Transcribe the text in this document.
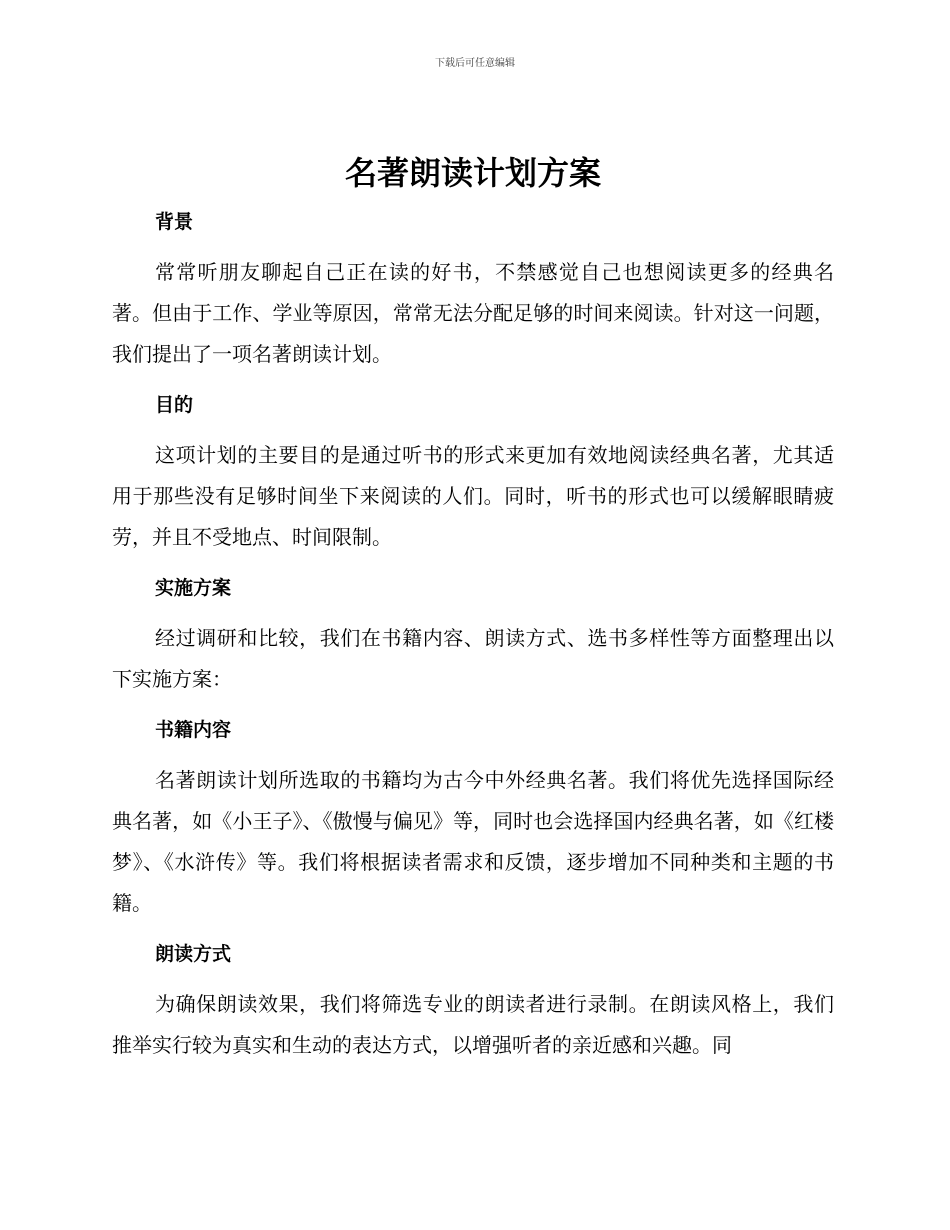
下载后可任意编辑
名著朗读计划方案
背景

常常听朋友聊起自己正在读的好书，不禁感觉自己也想阅读更多的经典名著。但由于工作、学业等原因，常常无法分配足够的时间来阅读。针对这一问题，我们提出了一项名著朗读计划。

目的

这项计划的主要目的是通过听书的形式来更加有效地阅读经典名著，尤其适用于那些没有足够时间坐下来阅读的人们。同时，听书的形式也可以缓解眼睛疲劳，并且不受地点、时间限制。

实施方案

经过调研和比较，我们在书籍内容、朗读方式、选书多样性等方面整理出以下实施方案：

书籍内容

名著朗读计划所选取的书籍均为古今中外经典名著。我们将优先选择国际经典名著，如《小王子》、《傲慢与偏见》等，同时也会选择国内经典名著，如《红楼梦》、《水浒传》等。我们将根据读者需求和反馈，逐步增加不同种类和主题的书籍。

朗读方式

为确保朗读效果，我们将筛选专业的朗读者进行录制。在朗读风格上，我们推举实行较为真实和生动的表达方式，以增强听者的亲近感和兴趣。同
